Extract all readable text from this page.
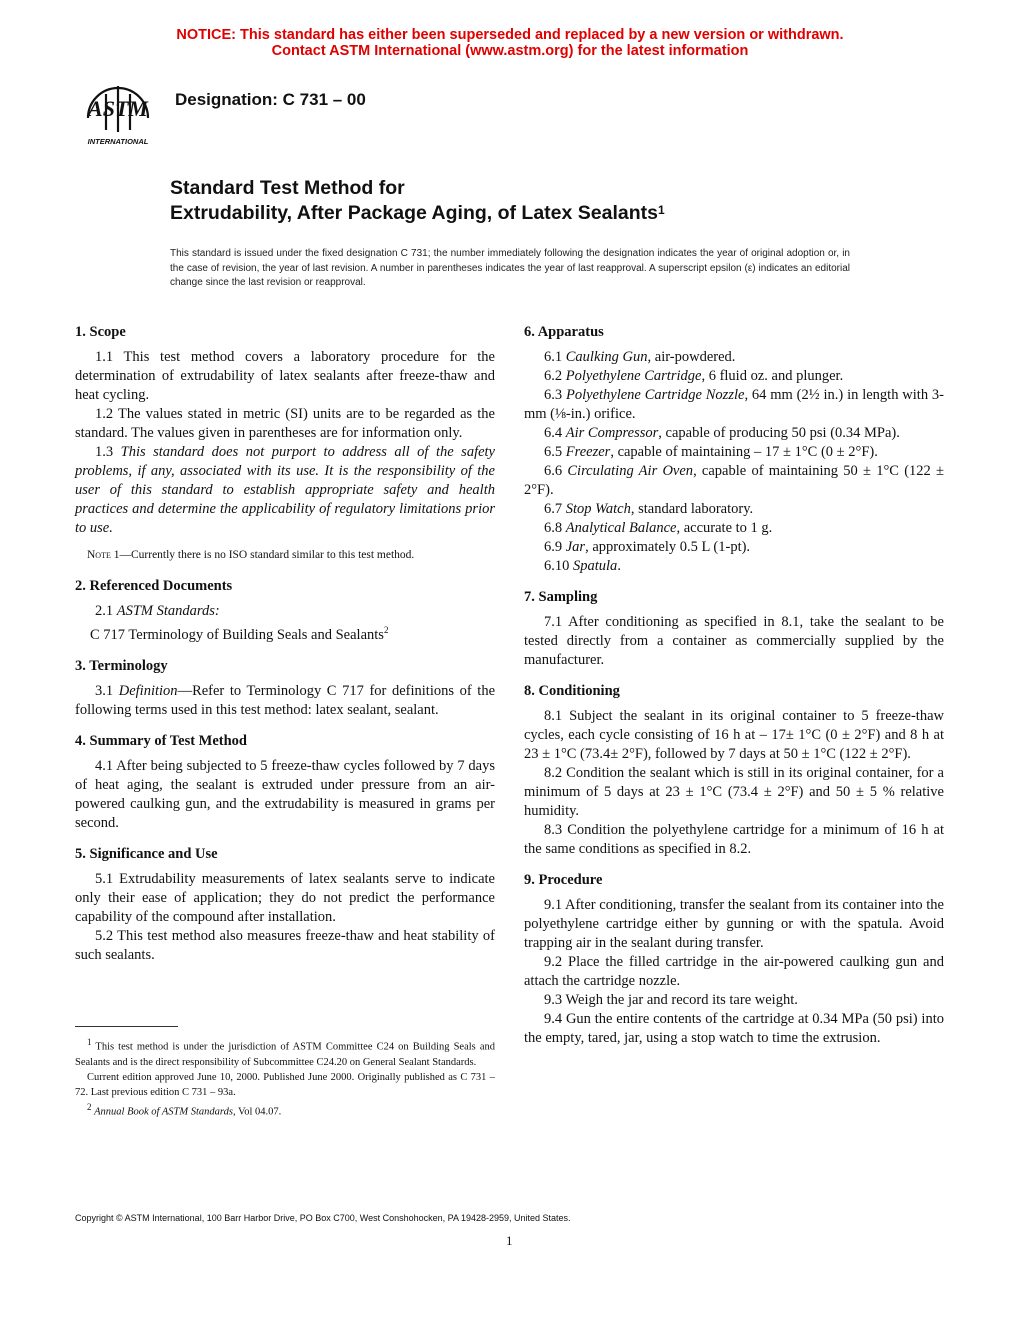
NOTICE: This standard has either been superseded and replaced by a new version or withdrawn.
Contact ASTM International (www.astm.org) for the latest information
ASTM
INTERNATIONAL
Designation: C 731 – 00
Standard Test Method for
Extrudability, After Package Aging, of Latex Sealants$^1$
This standard is issued under the fixed designation C 731; the number immediately following the designation indicates the year of original adoption or, in the case of revision, the year of last revision. A number in parentheses indicates the year of last reapproval. A superscript epsilon (ε) indicates an editorial change since the last revision or reapproval.
1. Scope

1.1 This test method covers a laboratory procedure for the determination of extrudability of latex sealants after freeze-thaw and heat cycling.

1.2 The values stated in metric (SI) units are to be regarded as the standard. The values given in parentheses are for information only.

1.3 This standard does not purport to address all of the safety problems, if any, associated with its use. It is the responsibility of the user of this standard to establish appropriate safety and health practices and determine the applicability of regulatory limitations prior to use.

Note 1—Currently there is no ISO standard similar to this test method.

2. Referenced Documents

2.1 ASTM Standards:

C 717 Terminology of Building Seals and Sealants$^2$

3. Terminology

3.1 Definition—Refer to Terminology C 717 for definitions of the following terms used in this test method: latex sealant, sealant.

4. Summary of Test Method

4.1 After being subjected to 5 freeze-thaw cycles followed by 7 days of heat aging, the sealant is extruded under pressure from an air-powered caulking gun, and the extrudability is measured in grams per second.

5. Significance and Use

5.1 Extrudability measurements of latex sealants serve to indicate only their ease of application; they do not predict the performance capability of the compound after installation.

5.2 This test method also measures freeze-thaw and heat stability of such sealants.

6. Apparatus

6.1 Caulking Gun, air-powdered.

6.2 Polyethylene Cartridge, 6 fluid oz. and plunger.

6.3 Polyethylene Cartridge Nozzle, 64 mm (2½ in.) in length with 3-mm (⅛-in.) orifice.

6.4 Air Compressor, capable of producing 50 psi (0.34 MPa).

6.5 Freezer, capable of maintaining – 17 ± 1°C (0 ± 2°F).

6.6 Circulating Air Oven, capable of maintaining 50 ± 1°C (122 ± 2°F).

6.7 Stop Watch, standard laboratory.

6.8 Analytical Balance, accurate to 1 g.

6.9 Jar, approximately 0.5 L (1-pt).

6.10 Spatula.

7. Sampling

7.1 After conditioning as specified in 8.1, take the sealant to be tested directly from a container as commercially supplied by the manufacturer.

8. Conditioning

8.1 Subject the sealant in its original container to 5 freeze-thaw cycles, each cycle consisting of 16 h at – 17± 1°C (0 ± 2°F) and 8 h at 23 ± 1°C (73.4± 2°F), followed by 7 days at 50 ± 1°C (122 ± 2°F).

8.2 Condition the sealant which is still in its original container, for a minimum of 5 days at 23 ± 1°C (73.4 ± 2°F) and 50 ± 5 % relative humidity.

8.3 Condition the polyethylene cartridge for a minimum of 16 h at the same conditions as specified in 8.2.

9. Procedure

9.1 After conditioning, transfer the sealant from its container into the polyethylene cartridge either by gunning or with the spatula. Avoid trapping air in the sealant during transfer.

9.2 Place the filled cartridge in the air-powered caulking gun and attach the cartridge nozzle.

9.3 Weigh the jar and record its tare weight.

9.4 Gun the entire contents of the cartridge at 0.34 MPa (50 psi) into the empty, tared, jar, using a stop watch to time the extrusion.

$^1$ This test method is under the jurisdiction of ASTM Committee C24 on Building Seals and Sealants and is the direct responsibility of Subcommittee C24.20 on General Sealant Standards.

Current edition approved June 10, 2000. Published June 2000. Originally published as C 731 – 72. Last previous edition C 731 – 93a.

$^2$ Annual Book of ASTM Standards, Vol 04.07.

Copyright © ASTM International, 100 Barr Harbor Drive, PO Box C700, West Conshohocken, PA 19428-2959, United States.
1
